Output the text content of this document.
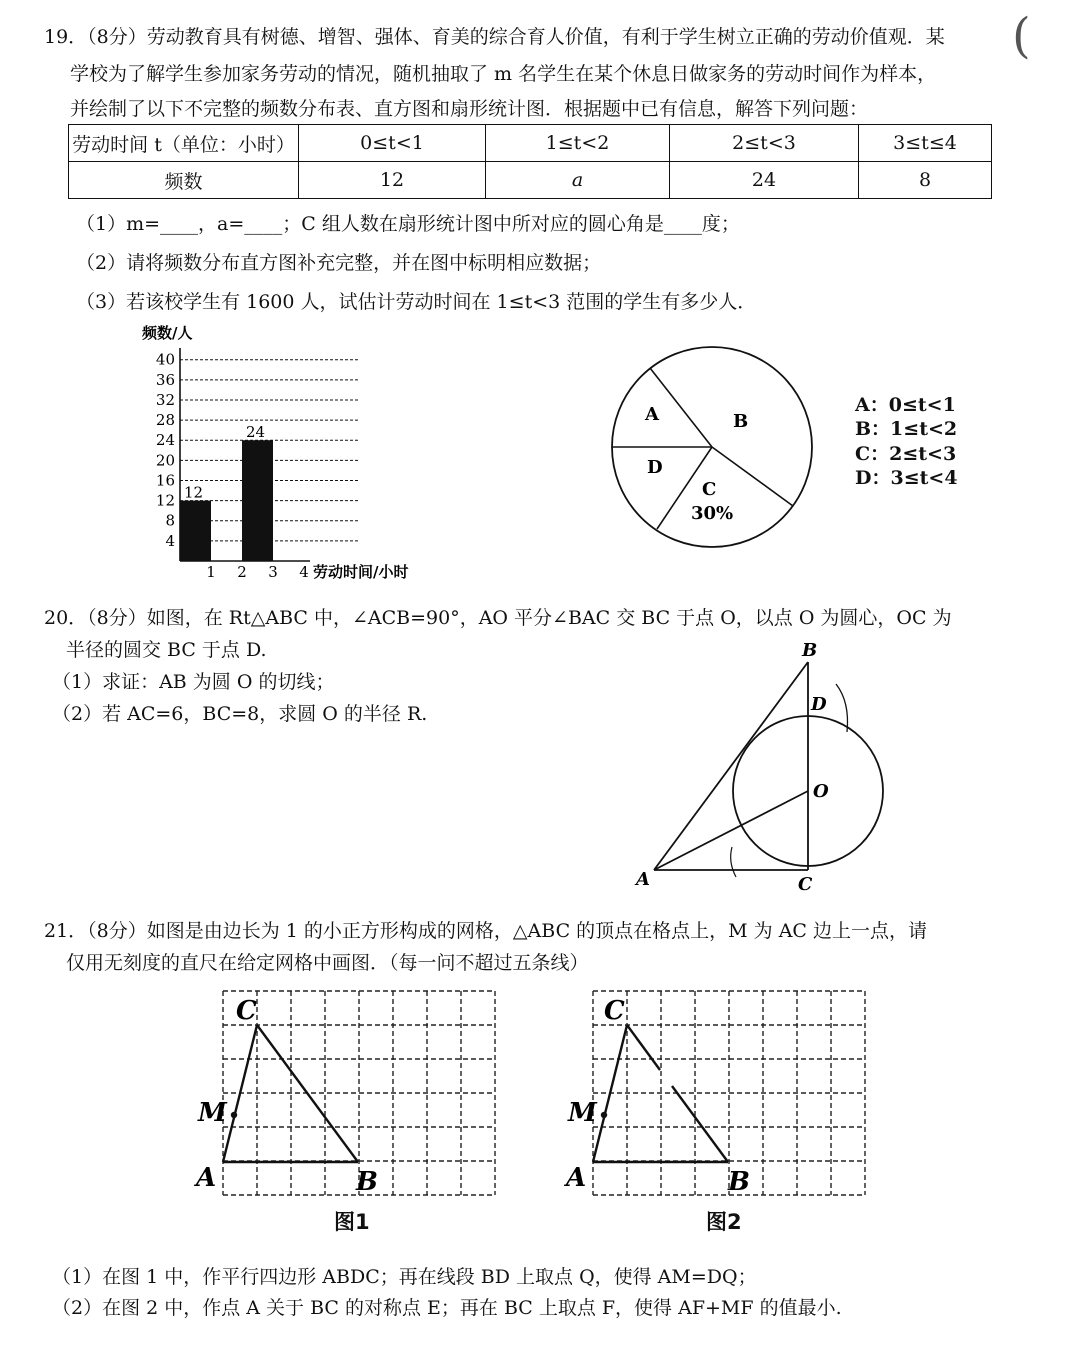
(
19．（8分）劳动教育具有树德、增智、强体、育美的综合育人价值，有利于学生树立正确的劳动价值观．某
学校为了解学生参加家务劳动的情况，随机抽取了 m 名学生在某个休息日做家务的劳动时间作为样本，
并绘制了以下不完整的频数分布表、直方图和扇形统计图．根据题中已有信息，解答下列问题：
劳动时间 t（单位：小时）	0≤t<1	1≤t<2	2≤t<3	3≤t≤4
频数	12	a	24	8
（1）m=____，a=____；C 组人数在扇形统计图中所对应的圆心角是____度；
（2）请将频数分布直方图补充完整，并在图中标明相应数据；
（3）若该校学生有 1600 人，试估计劳动时间在 1≤t<3 范围的学生有多少人．
12
24
4
8
12
16
20
24
28
32
36
40
1 2 3 4
频数/人
劳动时间/小时
A	B
C
30%
D
A：0≤t<1
B：1≤t<2
C：2≤t<3
D：3≤t<4
20．（8分）如图，在 Rt△ABC 中，∠ACB=90°，AO 平分∠BAC 交 BC 于点 O，以点 O 为圆心，OC 为
半径的圆交 BC 于点 D.
（1）求证：AB 为圆 O 的切线；
（2）若 AC=6，BC=8，求圆 O 的半径 R.
B
D
O
A	C
21．（8分）如图是由边长为 1 的小正方形构成的网格，△ABC 的顶点在格点上，M 为 AC 边上一点，请
仅用无刻度的直尺在给定网格中画图．（每一问不超过五条线）
C
M
A	B
图1
C
M
A	B
图2
（1）在图 1 中，作平行四边形 ABDC；再在线段 BD 上取点 Q，使得 AM=DQ；
（2）在图 2 中，作点 A 关于 BC 的对称点 E；再在 BC 上取点 F，使得 AF+MF 的值最小.
